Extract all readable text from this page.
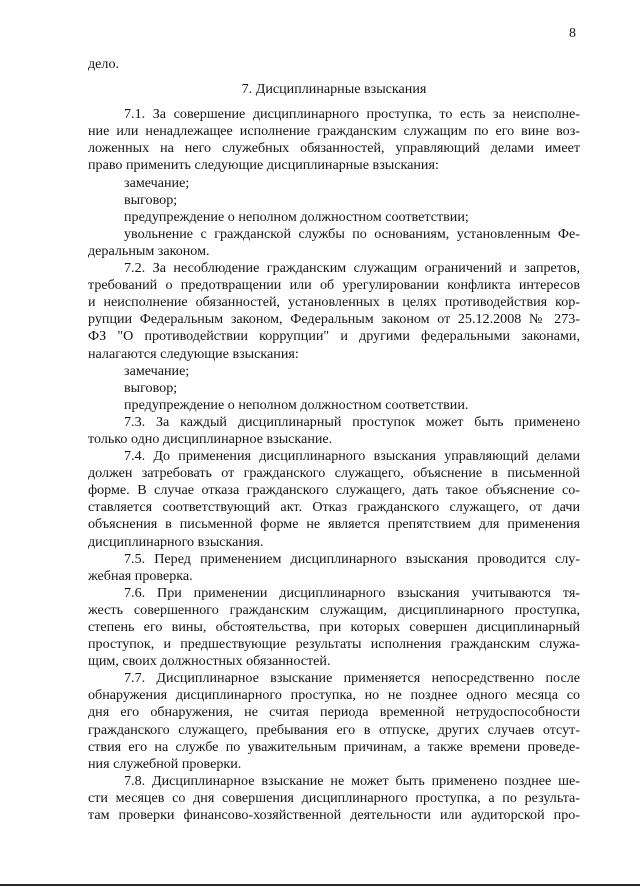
8
дело.
7. Дисциплинарные взыскания
7.1. За совершение дисциплинарного проступка, то есть за неисполне-
ние или ненадлежащее исполнение гражданским служащим по его вине воз-
ложенных на него служебных обязанностей, управляющий делами имеет
право применить следующие дисциплинарные взыскания:
замечание;
выговор;
предупреждение о неполном должностном соответствии;
увольнение с гражданской службы по основаниям, установленным Фе-
деральным законом.
7.2. За несоблюдение гражданским служащим ограничений и запретов,
требований о предотвращении или об урегулировании конфликта интересов
и неисполнение обязанностей, установленных в целях противодействия кор-
рупции Федеральным законом, Федеральным законом от 25.12.2008 № 273-
ФЗ "О противодействии коррупции" и другими федеральными законами,
налагаются следующие взыскания:
замечание;
выговор;
предупреждение о неполном должностном соответствии.
7.3. За каждый дисциплинарный проступок может быть применено
только одно дисциплинарное взыскание.
7.4. До применения дисциплинарного взыскания управляющий делами
должен затребовать от гражданского служащего, объяснение в письменной
форме. В случае отказа гражданского служащего, дать такое объяснение со-
ставляется соответствующий акт. Отказ гражданского служащего, от дачи
объяснения в письменной форме не является препятствием для применения
дисциплинарного взыскания.
7.5. Перед применением дисциплинарного взыскания проводится слу-
жебная проверка.
7.6. При применении дисциплинарного взыскания учитываются тя-
жесть совершенного гражданским служащим, дисциплинарного проступка,
степень его вины, обстоятельства, при которых совершен дисциплинарный
проступок, и предшествующие результаты исполнения гражданским служа-
щим, своих должностных обязанностей.
7.7. Дисциплинарное взыскание применяется непосредственно после
обнаружения дисциплинарного проступка, но не позднее одного месяца со
дня его обнаружения, не считая периода временной нетрудоспособности
гражданского служащего, пребывания его в отпуске, других случаев отсут-
ствия его на службе по уважительным причинам, а также времени проведе-
ния служебной проверки.
7.8. Дисциплинарное взыскание не может быть применено позднее ше-
сти месяцев со дня совершения дисциплинарного проступка, а по результа-
там проверки финансово-хозяйственной деятельности или аудиторской про-
